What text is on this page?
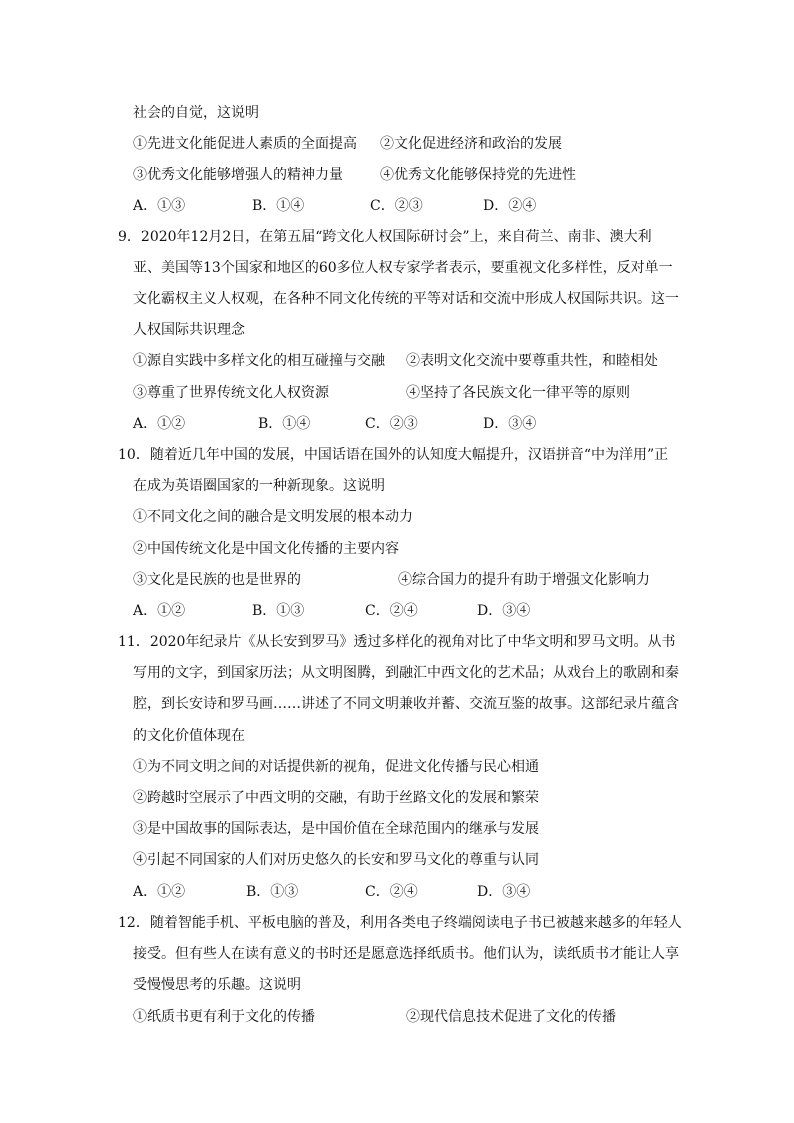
社会的自觉，这说明
①先进文化能促进人素质的全面提高 ②文化促进经济和政治的发展
③优秀文化能够增强人的精神力量	④优秀文化能够保持党的先进性
A．①③	B．①④	C．②③	D．②④
9．2020年12月2日，在第五届“跨文化人权国际研讨会”上，来自荷兰、南非、澳大利
亚、美国等13个国家和地区的60多位人权专家学者表示，要重视文化多样性，反对单一
文化霸权主义人权观，在各种不同文化传统的平等对话和交流中形成人权国际共识。这一
人权国际共识理念
①源自实践中多样文化的相互碰撞与交融 ②表明文化交流中要尊重共性，和睦相处
③尊重了世界传统文化人权资源	④坚持了各民族文化一律平等的原则
A．①②	B．①④	C．②③	D．③④
10．随着近几年中国的发展，中国话语在国外的认知度大幅提升，汉语拼音“中为洋用”正
在成为英语圈国家的一种新现象。这说明
①不同文化之间的融合是文明发展的根本动力
②中国传统文化是中国文化传播的主要内容
③文化是民族的也是世界的	④综合国力的提升有助于增强文化影响力
A．①②	B．①③	C．②④	D．③④
11．2020年纪录片《从长安到罗马》透过多样化的视角对比了中华文明和罗马文明。从书
写用的文字，到国家历法；从文明图腾，到融汇中西文化的艺术品；从戏台上的歌剧和秦
腔，到长安诗和罗马画……讲述了不同文明兼收并蓄、交流互鉴的故事。这部纪录片蕴含
的文化价值体现在
①为不同文明之间的对话提供新的视角，促进文化传播与民心相通
②跨越时空展示了中西文明的交融，有助于丝路文化的发展和繁荣
③是中国故事的国际表达，是中国价值在全球范围内的继承与发展
④引起不同国家的人们对历史悠久的长安和罗马文化的尊重与认同
A．①②	B．①③	C．②④	D．③④
12．随着智能手机、平板电脑的普及，利用各类电子终端阅读电子书已被越来越多的年轻人
接受。但有些人在读有意义的书时还是愿意选择纸质书。他们认为，读纸质书才能让人享
受慢慢思考的乐趣。这说明
①纸质书更有利于文化的传播	②现代信息技术促进了文化的传播
